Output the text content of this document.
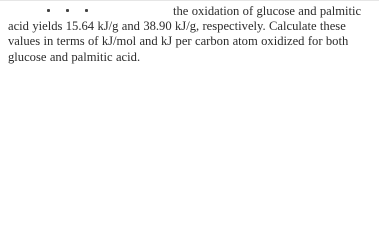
the oxidation of glucose and palmitic
acid yields 15.64 kJ/g and 38.90 kJ/g, respectively. Calculate these
values in terms of kJ/mol and kJ per carbon atom oxidized for both
glucose and palmitic acid.
